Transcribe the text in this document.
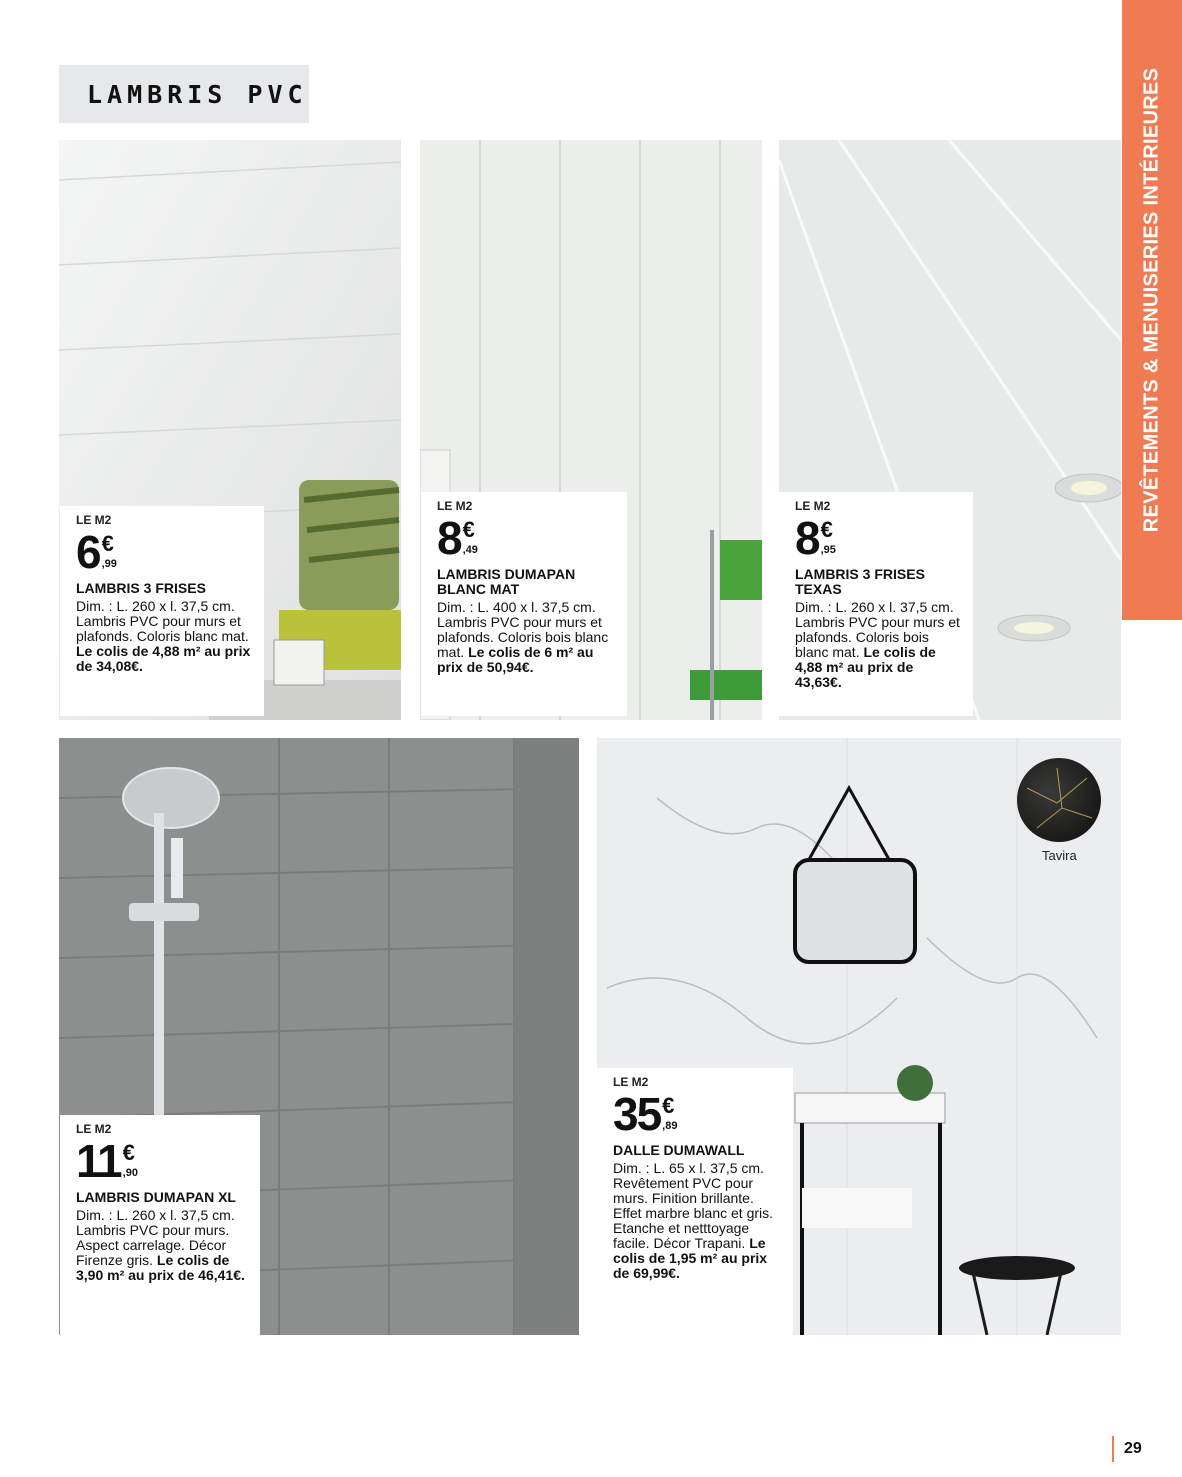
LAMBRIS PVC	REVÊTEMENTS & MENUISERIES INTÉRIEURES
Tavira
LE M2
6 €
,99
LAMBRIS 3 FRISES
Dim. : L. 260 x l. 37,5 cm. Lambris PVC pour murs et plafonds. Coloris blanc mat. Le colis de 4,88 m² au prix de 34,08€.
LE M2
8 €
,49
LAMBRIS DUMAPAN BLANC MAT
Dim. : L. 400 x l. 37,5 cm. Lambris PVC pour murs et plafonds. Coloris bois blanc mat. Le colis de 6 m² au prix de 50,94€.
LE M2
8 €
,95
LAMBRIS 3 FRISES TEXAS
Dim. : L. 260 x l. 37,5 cm. Lambris PVC pour murs et plafonds. Coloris bois blanc mat. Le colis de 4,88 m² au prix de 43,63€.
LE M2
11 €
,90
LAMBRIS DUMAPAN XL
Dim. : L. 260 x l. 37,5 cm. Lambris PVC pour murs. Aspect carrelage. Décor Firenze gris. Le colis de 3,90 m² au prix de 46,41€.
LE M2
35 €
,89
DALLE DUMAWALL
Dim. : L. 65 x l. 37,5 cm. Revêtement PVC pour murs. Finition brillante. Effet marbre blanc et gris. Etanche et netttoyage facile. Décor Trapani. Le colis de 1,95 m² au prix de 69,99€.
29
